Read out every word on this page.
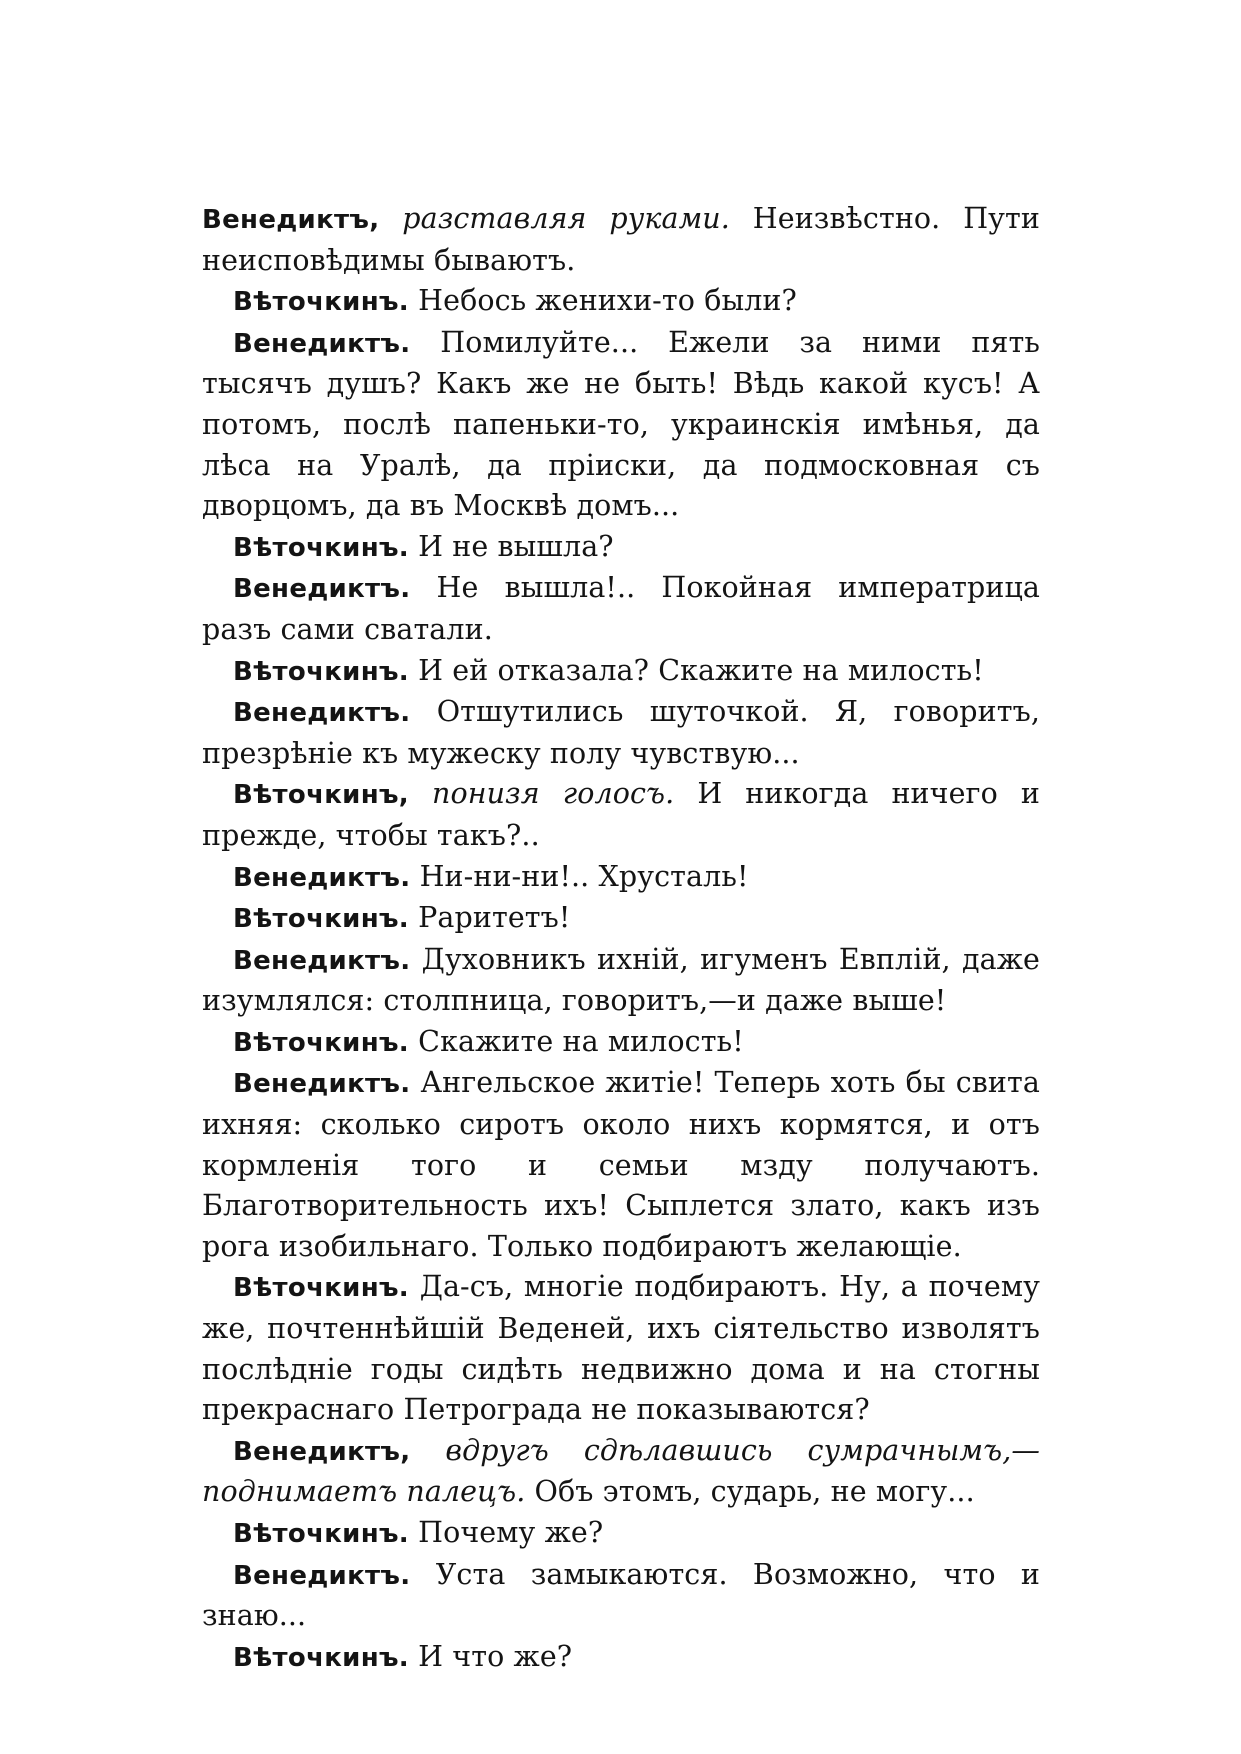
Венедиктъ, разставляя руками. Неизвѣстно. Пути неисповѣдимы бываютъ.

Вѣточкинъ. Небось женихи-то были?

Венедиктъ. Помилуйте... Ежели за ними пять тысячъ душъ? Какъ же не быть! Вѣдь какой кусъ! А потомъ, послѣ папеньки-то, украинскія имѣнья, да лѣса на Уралѣ, да пріиски, да подмосковная съ дворцомъ, да въ Москвѣ домъ...

Вѣточкинъ. И не вышла?

Венедиктъ. Не вышла!.. Покойная императрица разъ сами сватали.

Вѣточкинъ. И ей отказала? Скажите на милость!

Венедиктъ. Отшутились шуточкой. Я, говоритъ, презрѣніе къ мужеску полу чувствую...

Вѣточкинъ, понизя голосъ. И никогда ничего и прежде, чтобы такъ?..

Венедиктъ. Ни-ни-ни!.. Хрусталь!

Вѣточкинъ. Раритетъ!

Венедиктъ. Духовникъ ихній, игуменъ Евплій, даже изумлялся: столпница, говоритъ,—и даже выше!

Вѣточкинъ. Скажите на милость!

Венедиктъ. Ангельское житіе! Теперь хоть бы свита ихняя: сколько сиротъ около нихъ кормятся, и отъ кормленія того и семьи мзду получаютъ. Благотворительность ихъ! Сыплется злато, какъ изъ рога изобильнаго. Только подбираютъ желающіе.

Вѣточкинъ. Да-съ, многіе подбираютъ. Ну, а почему же, почтеннѣйшій Веденей, ихъ сіятельство изволятъ послѣдніе годы сидѣть недвижно дома и на стогны прекраснаго Петрограда не показываются?

Венедиктъ, вдругъ сдѣлавшись сумрачнымъ,—поднимаетъ палецъ. Объ этомъ, сударь, не могу...

Вѣточкинъ. Почему же?

Венедиктъ. Уста замыкаются. Возможно, что и знаю...

Вѣточкинъ. И что же?
